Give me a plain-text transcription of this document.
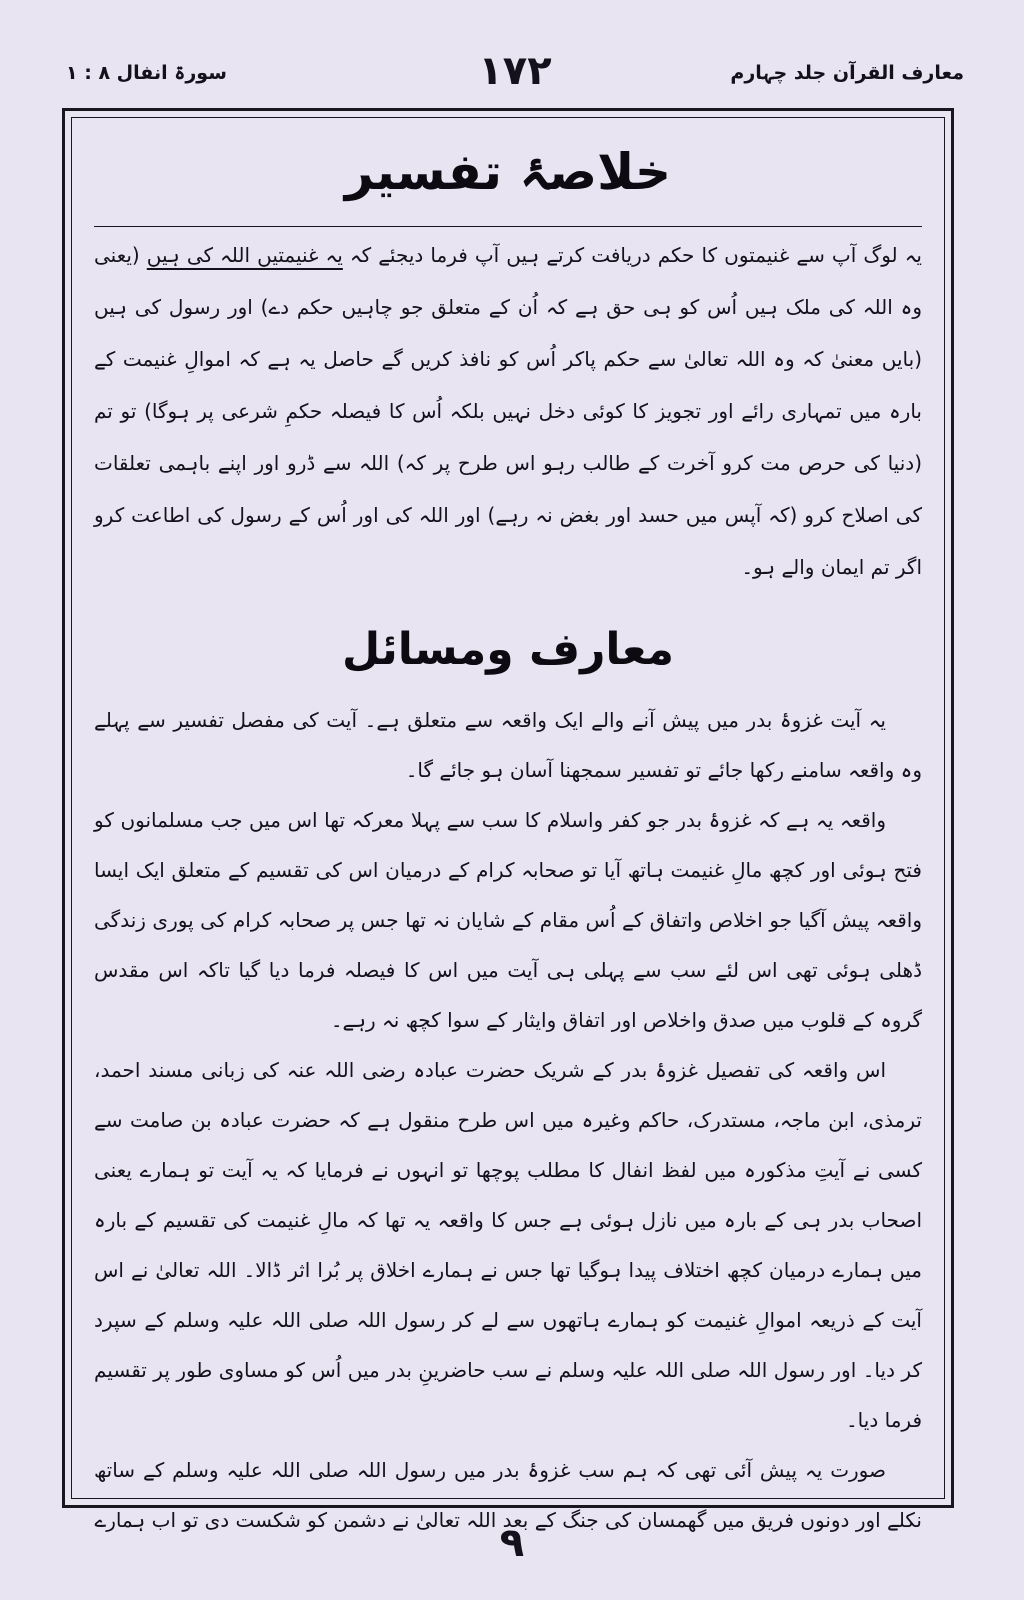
معارف القرآن جلد چہارم
۱۷۲
سورۃ انفال ۸ : ۱
خلاصۂ تفسیر
یہ لوگ آپ سے غنیمتوں کا حکم دریافت کرتے ہیں آپ فرما دیجئے کہ یہ غنیمتیں اللہ کی ہیں (یعنی وہ اللہ کی ملک ہیں اُس کو ہی حق ہے کہ اُن کے متعلق جو چاہیں حکم دے) اور رسول کی ہیں (بایں معنیٰ کہ وہ اللہ تعالیٰ سے حکم پاکر اُس کو نافذ کریں گے حاصل یہ ہے کہ اموالِ غنیمت کے بارہ میں تمہاری رائے اور تجویز کا کوئی دخل نہیں بلکہ اُس کا فیصلہ حکمِ شرعی پر ہوگا) تو تم (دنیا کی حرص مت کرو آخرت کے طالب رہو اس طرح پر کہ) اللہ سے ڈرو اور اپنے باہمی تعلقات کی اصلاح کرو (کہ آپس میں حسد اور بغض نہ رہے) اور اللہ کی اور اُس کے رسول کی اطاعت کرو اگر تم ایمان والے ہو۔
معارف ومسائل

یہ آیت غزوۂ بدر میں پیش آنے والے ایک واقعہ سے متعلق ہے۔ آیت کی مفصل تفسیر سے پہلے وہ واقعہ سامنے رکھا جائے تو تفسیر سمجھنا آسان ہو جائے گا۔

واقعہ یہ ہے کہ غزوۂ بدر جو کفر واسلام کا سب سے پہلا معرکہ تھا اس میں جب مسلمانوں کو فتح ہوئی اور کچھ مالِ غنیمت ہاتھ آیا تو صحابہ کرام کے درمیان اس کی تقسیم کے متعلق ایک ایسا واقعہ پیش آگیا جو اخلاص واتفاق کے اُس مقام کے شایان نہ تھا جس پر صحابہ کرام کی پوری زندگی ڈھلی ہوئی تھی اس لئے سب سے پہلی ہی آیت میں اس کا فیصلہ فرما دیا گیا تاکہ اس مقدس گروہ کے قلوب میں صدق واخلاص اور اتفاق وایثار کے سوا کچھ نہ رہے۔

اس واقعہ کی تفصیل غزوۂ بدر کے شریک حضرت عبادہ رضی اللہ عنہ کی زبانی مسند احمد، ترمذی، ابن ماجہ، مستدرک، حاکم وغیرہ میں اس طرح منقول ہے کہ حضرت عبادہ بن صامت سے کسی نے آیتِ مذکورہ میں لفظ انفال کا مطلب پوچھا تو انہوں نے فرمایا کہ یہ آیت تو ہمارے یعنی اصحاب بدر ہی کے بارہ میں نازل ہوئی ہے جس کا واقعہ یہ تھا کہ مالِ غنیمت کی تقسیم کے بارہ میں ہمارے درمیان کچھ اختلاف پیدا ہوگیا تھا جس نے ہمارے اخلاق پر بُرا اثر ڈالا۔ اللہ تعالیٰ نے اس آیت کے ذریعہ اموالِ غنیمت کو ہمارے ہاتھوں سے لے کر رسول اللہ صلی اللہ علیہ وسلم کے سپرد کر دیا۔ اور رسول اللہ صلی اللہ علیہ وسلم نے سب حاضرینِ بدر میں اُس کو مساوی طور پر تقسیم فرما دیا۔

صورت یہ پیش آئی تھی کہ ہم سب غزوۂ بدر میں رسول اللہ صلی اللہ علیہ وسلم کے ساتھ نکلے اور دونوں فریق میں گھمسان کی جنگ کے بعد اللہ تعالیٰ نے دشمن کو شکست دی تو اب ہمارے

۹
